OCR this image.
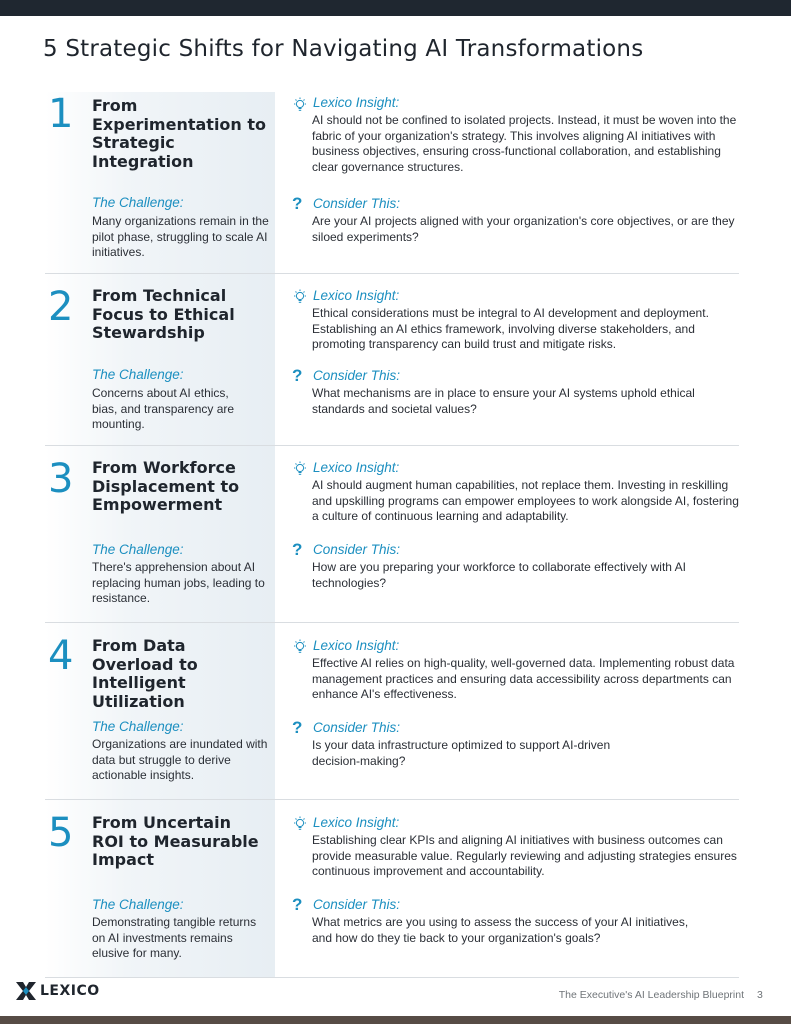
5 Strategic Shifts for Navigating AI Transformations
1 From Experimentation to Strategic Integration
The Challenge:
Many organizations remain in the pilot phase, struggling to scale AI initiatives.
Lexico Insight:
AI should not be confined to isolated projects. Instead, it must be woven into the fabric of your organization's strategy. This involves aligning AI initiatives with business objectives, ensuring cross-functional collaboration, and establishing clear governance structures.
? Consider This:
Are your AI projects aligned with your organization's core objectives, or are they siloed experiments?
2 From Technical Focus to Ethical Stewardship
The Challenge:
Concerns about AI ethics, bias, and transparency are mounting.
Lexico Insight:
Ethical considerations must be integral to AI development and deployment. Establishing an AI ethics framework, involving diverse stakeholders, and promoting transparency can build trust and mitigate risks.
? Consider This:
What mechanisms are in place to ensure your AI systems uphold ethical standards and societal values?
3 From Workforce Displacement to Empowerment
The Challenge:
There's apprehension about AI replacing human jobs, leading to resistance.
Lexico Insight:
AI should augment human capabilities, not replace them. Investing in reskilling and upskilling programs can empower employees to work alongside AI, fostering a culture of continuous learning and adaptability.
? Consider This:
How are you preparing your workforce to collaborate effectively with AI technologies?
4 From Data Overload to Intelligent Utilization
The Challenge:
Organizations are inundated with data but struggle to derive actionable insights.
Lexico Insight:
Effective AI relies on high-quality, well-governed data. Implementing robust data management practices and ensuring data accessibility across departments can enhance AI's effectiveness.
? Consider This:
Is your data infrastructure optimized to support AI-driven decision-making?
5 From Uncertain ROI to Measurable Impact
The Challenge:
Demonstrating tangible returns on AI investments remains elusive for many.
Lexico Insight:
Establishing clear KPIs and aligning AI initiatives with business outcomes can provide measurable value. Regularly reviewing and adjusting strategies ensures continuous improvement and accountability.
? Consider This:
What metrics are you using to assess the success of your AI initiatives, and how do they tie back to your organization's goals?
LEXICO	The Executive's AI Leadership Blueprint 3
